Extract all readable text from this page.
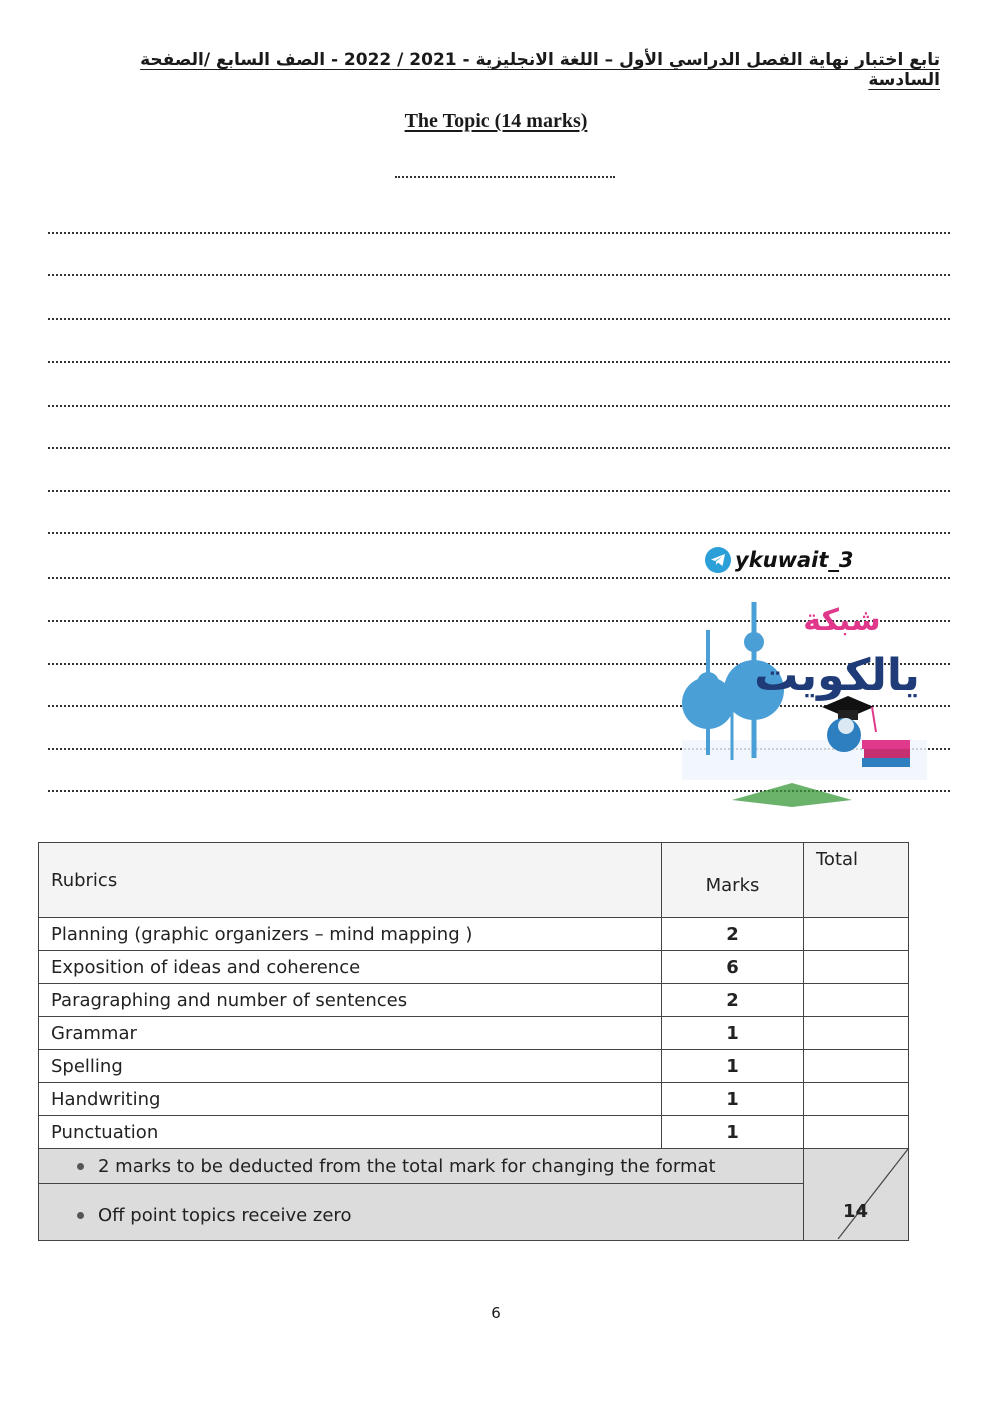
تابع اختبار نهاية الفصل الدراسي الأول – اللغة الانجليزية - 2021 / 2022 - الصف السابع /الصفحة السادسة
The Topic (14 marks)
ykuwait_3
شبكة
يالكويت
Rubrics	Marks	Total
Planning (graphic organizers – mind mapping )	2	
Exposition of ideas and coherence	6	
Paragraphing and number of sentences	2	
Grammar	1	
Spelling	1	
Handwriting	1	
Punctuation	1	

2 marks to be deducted from the total mark for changing the format		14

Off point topics receive zero		
6
